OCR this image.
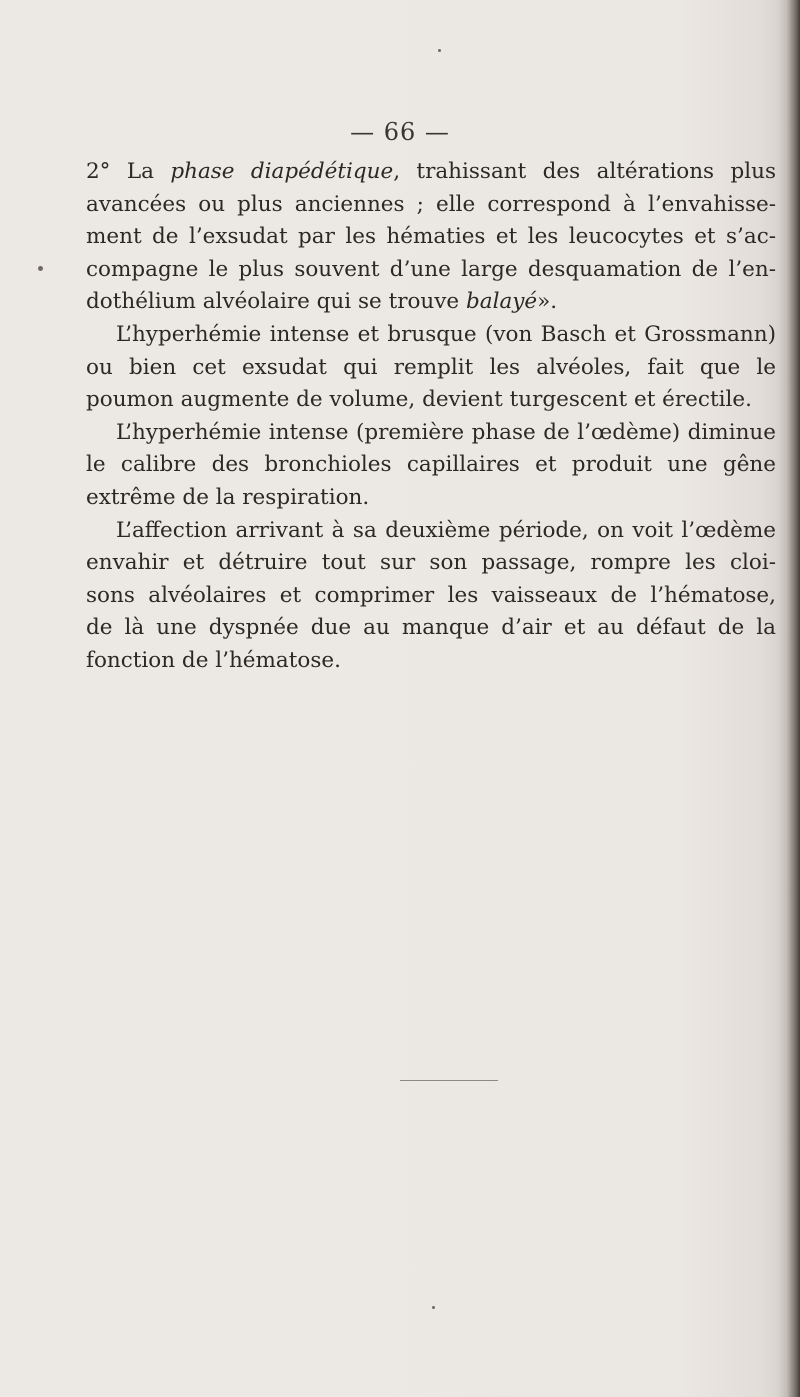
— 66 —
2° La phase diapédétique, trahissant des altérations plus
avancées ou plus anciennes ; elle correspond à l’envahisse-
ment de l’exsudat par les hématies et les leucocytes et s’ac-
compagne le plus souvent d’une large desquamation de l’en-
dothélium alvéolaire qui se trouve balayé».
L’hyperhémie intense et brusque (von Basch et Grossmann)
ou bien cet exsudat qui remplit les alvéoles, fait que le
poumon augmente de volume, devient turgescent et érectile.
L’hyperhémie intense (première phase de l’œdème) diminue
le calibre des bronchioles capillaires et produit une gêne
extrême de la respiration.
L’affection arrivant à sa deuxième période, on voit l’œdème
envahir et détruire tout sur son passage, rompre les cloi-
sons alvéolaires et comprimer les vaisseaux de l’hématose,
de là une dyspnée due au manque d’air et au défaut de la
fonction de l’hématose.
